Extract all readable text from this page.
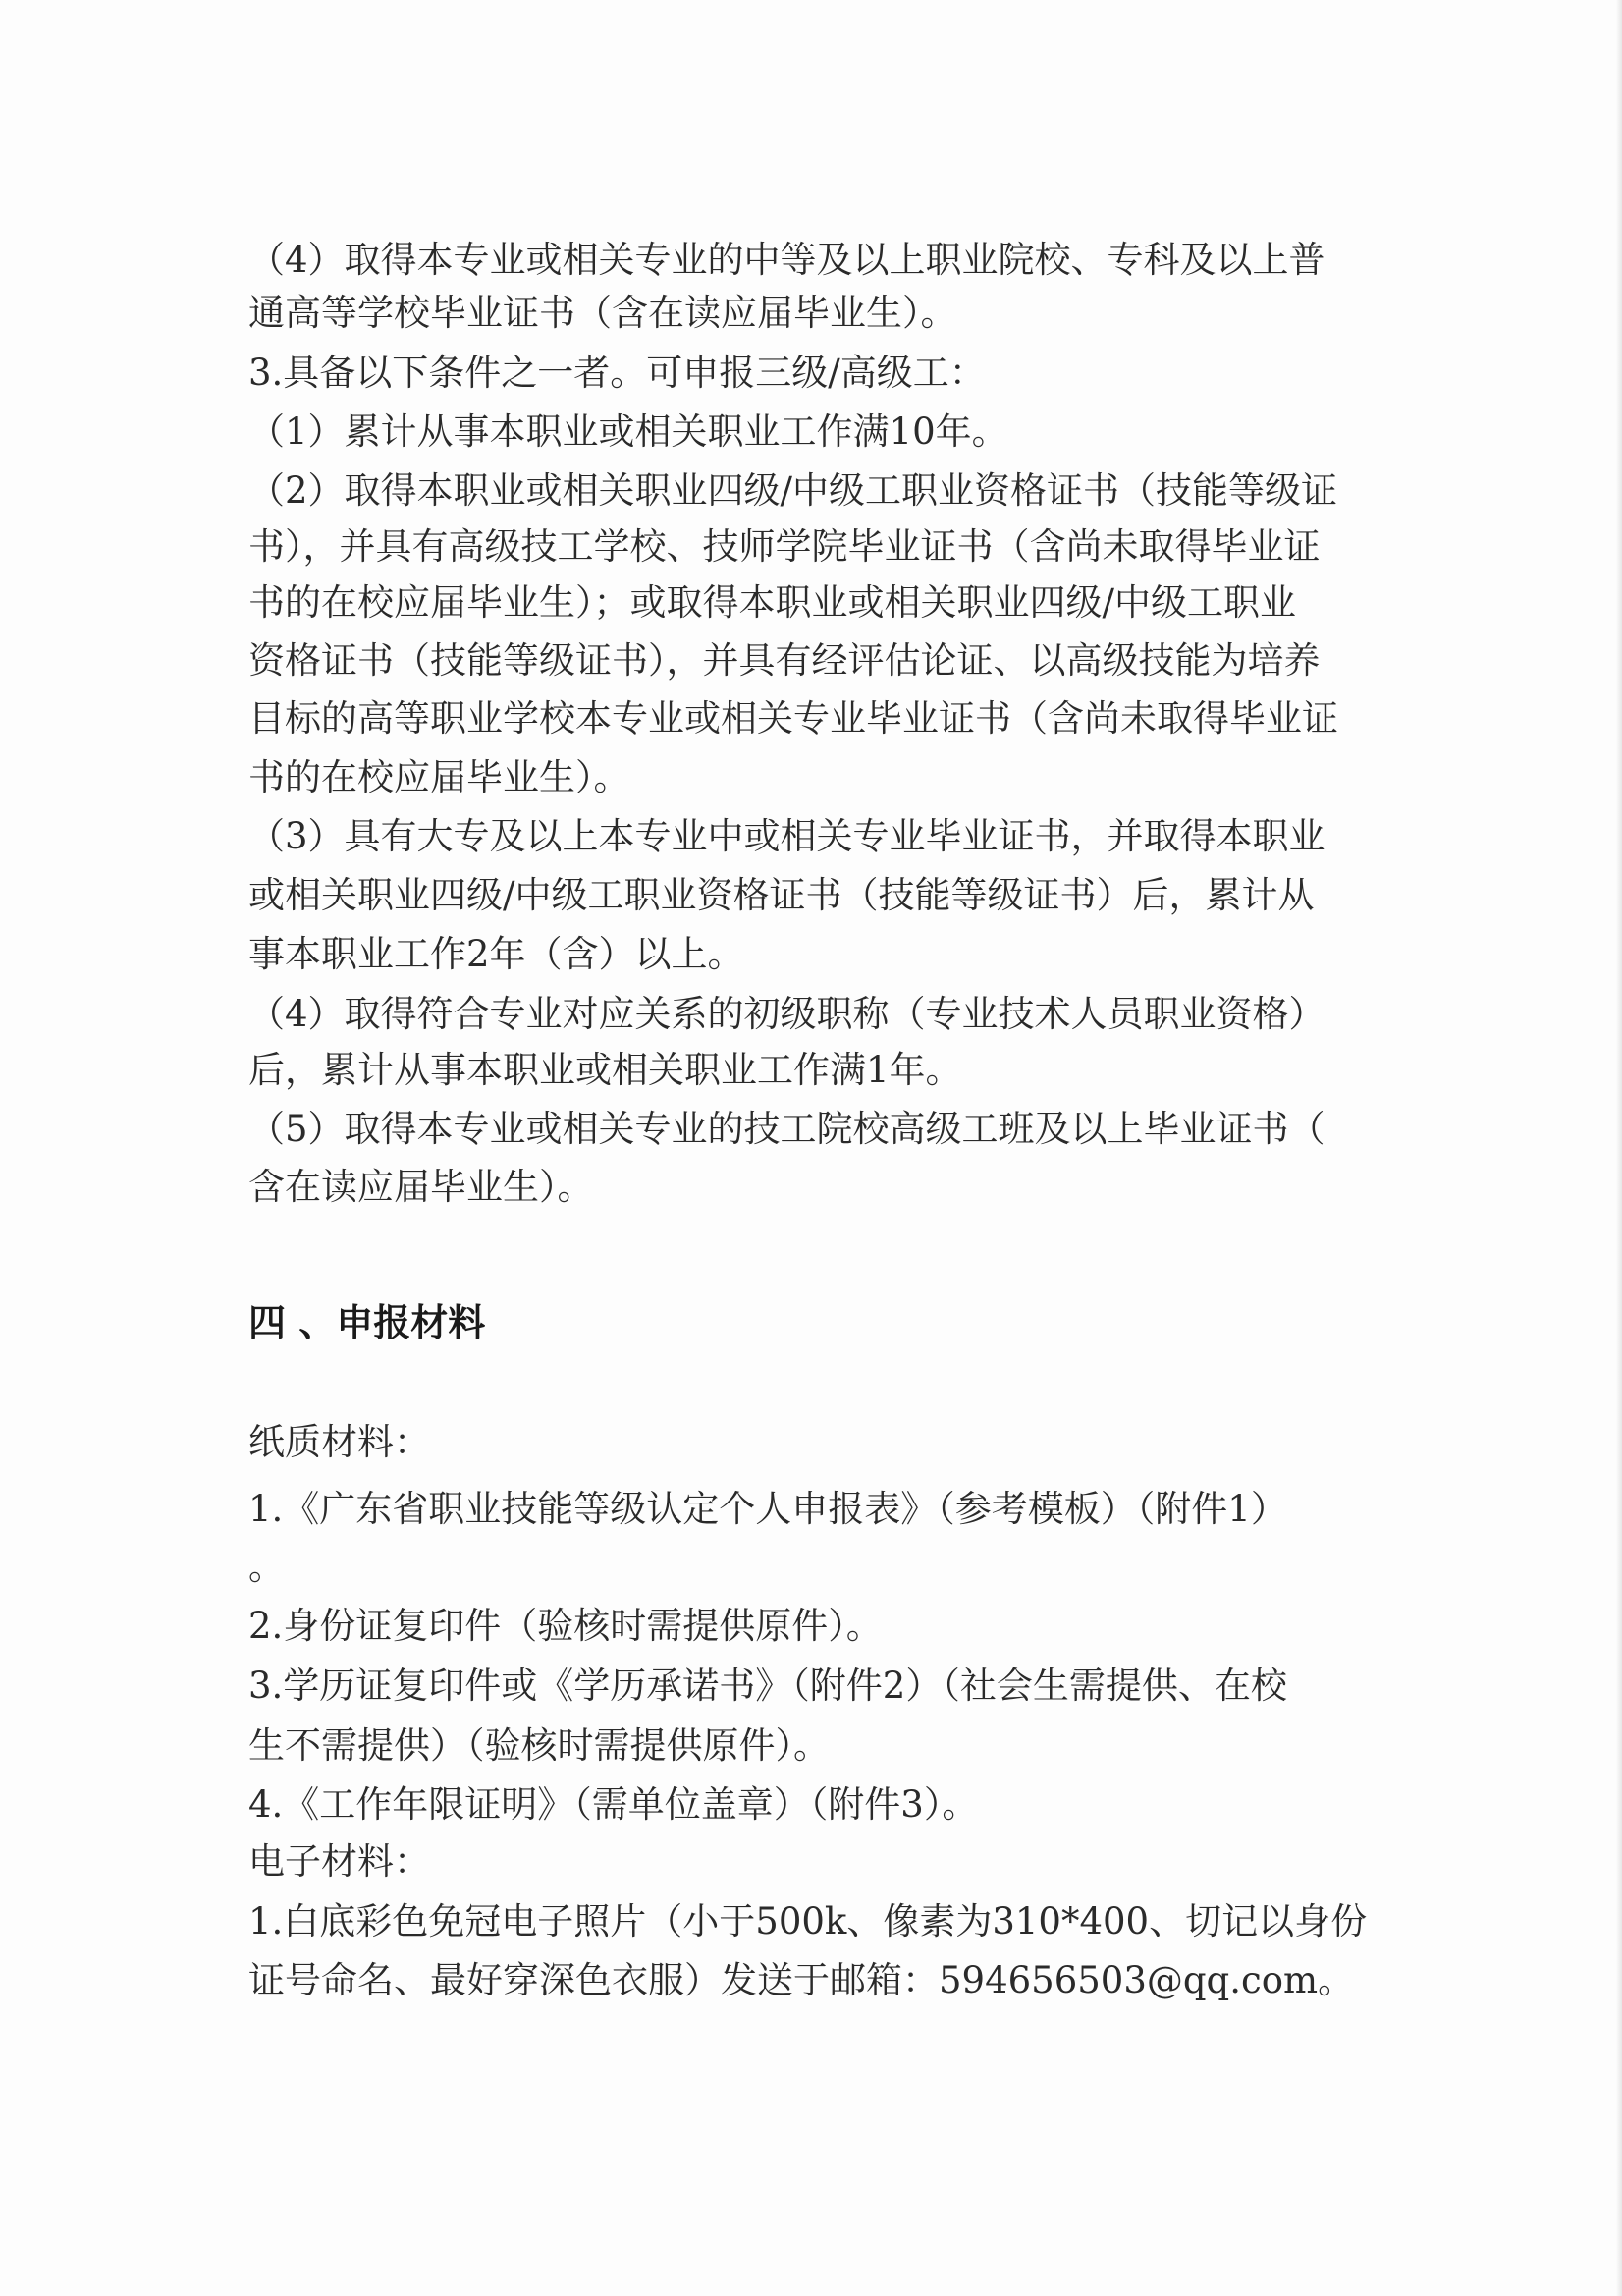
（4）取得本专业或相关专业的中等及以上职业院校、专科及以上普

通高等学校毕业证书（含在读应届毕业生）。

3.具备以下条件之一者。可申报三级/高级工：

（1）累计从事本职业或相关职业工作满10年。

（2）取得本职业或相关职业四级/中级工职业资格证书（技能等级证

书），并具有高级技工学校、技师学院毕业证书（含尚未取得毕业证

书的在校应届毕业生）；或取得本职业或相关职业四级/中级工职业

资格证书（技能等级证书），并具有经评估论证、以高级技能为培养

目标的高等职业学校本专业或相关专业毕业证书（含尚未取得毕业证

书的在校应届毕业生）。

（3）具有大专及以上本专业中或相关专业毕业证书，并取得本职业

或相关职业四级/中级工职业资格证书（技能等级证书）后，累计从

事本职业工作2年（含）以上。

（4）取得符合专业对应关系的初级职称（专业技术人员职业资格）

后，累计从事本职业或相关职业工作满1年。

（5）取得本专业或相关专业的技工院校高级工班及以上毕业证书（

含在读应届毕业生）。

四 、申报材料

纸质材料：

1.《广东省职业技能等级认定个人申报表》（参考模板）（附件1）

。

2.身份证复印件（验核时需提供原件）。

3.学历证复印件或《学历承诺书》（附件2）（社会生需提供、在校

生不需提供）（验核时需提供原件）。

4.《工作年限证明》（需单位盖章）（附件3）。

电子材料：

1.白底彩色免冠电子照片（小于500k、像素为310*400、切记以身份

证号命名、最好穿深色衣服）发送于邮箱：594656503@qq.com。
